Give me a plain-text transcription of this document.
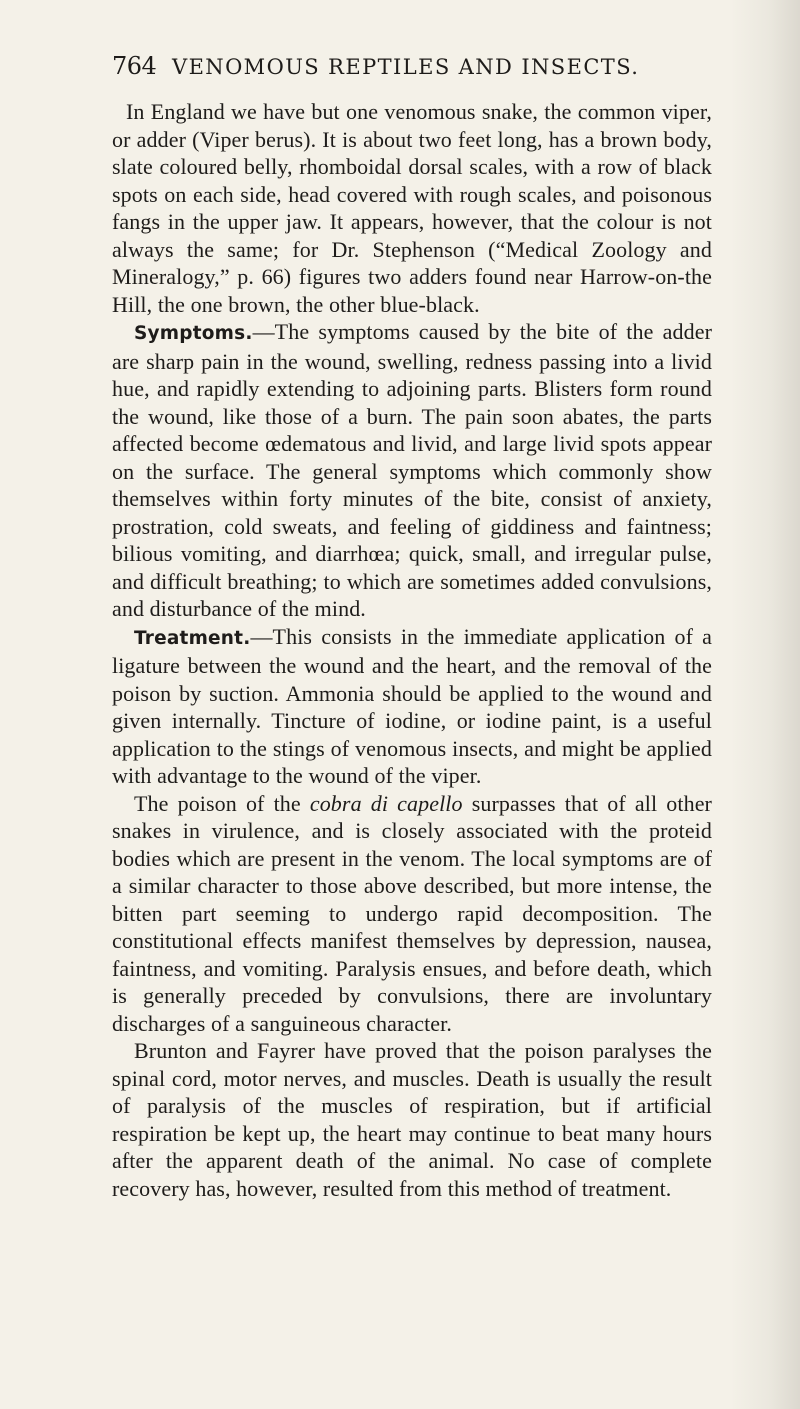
764 VENOMOUS REPTILES AND INSECTS.

In England we have but one venomous snake, the common viper, or adder (Viper berus). It is about two feet long, has a brown body, slate coloured belly, rhomboidal dorsal scales, with a row of black spots on each side, head covered with rough scales, and poisonous fangs in the upper jaw. It appears, however, that the colour is not always the same; for Dr. Stephenson (“Medical Zoology and Mineralogy,” p. 66) figures two adders found near Harrow-on-the Hill, the one brown, the other blue-black.

Symptoms.—The symptoms caused by the bite of the adder are sharp pain in the wound, swelling, redness passing into a livid hue, and rapidly extending to adjoining parts. Blisters form round the wound, like those of a burn. The pain soon abates, the parts affected become œdematous and livid, and large livid spots appear on the surface. The general symptoms which commonly show themselves within forty minutes of the bite, consist of anxiety, prostration, cold sweats, and feeling of giddiness and faintness; bilious vomiting, and diarrhœa; quick, small, and irregular pulse, and difficult breathing; to which are sometimes added convulsions, and disturbance of the mind.

Treatment.—This consists in the immediate application of a ligature between the wound and the heart, and the removal of the poison by suction. Ammonia should be applied to the wound and given internally. Tincture of iodine, or iodine paint, is a useful application to the stings of venomous insects, and might be applied with advantage to the wound of the viper.

The poison of the cobra di capello surpasses that of all other snakes in virulence, and is closely associated with the proteid bodies which are present in the venom. The local symptoms are of a similar character to those above described, but more intense, the bitten part seeming to undergo rapid decomposition. The constitutional effects manifest themselves by depression, nausea, faintness, and vomiting. Paralysis ensues, and before death, which is generally preceded by convulsions, there are involuntary discharges of a sanguineous character.

Brunton and Fayrer have proved that the poison paralyses the spinal cord, motor nerves, and muscles. Death is usually the result of paralysis of the muscles of respiration, but if artificial respiration be kept up, the heart may continue to beat many hours after the apparent death of the animal. No case of complete recovery has, however, resulted from this method of treatment.
